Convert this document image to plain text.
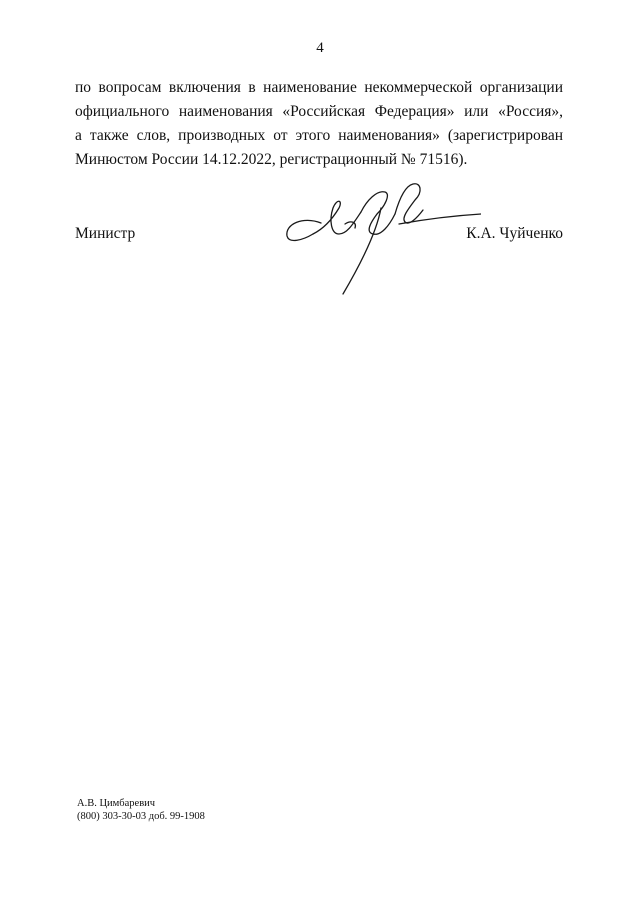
4
по вопросам включения в наименование некоммерческой организации
официального наименования «Российская Федерация» или «Россия»,
а также слов, производных от этого наименования» (зарегистрирован
Минюстом России 14.12.2022, регистрационный № 71516).
Министр	К.А. Чуйченко
А.В. Цимбаревич
(800) 303-30-03 доб. 99-1908
